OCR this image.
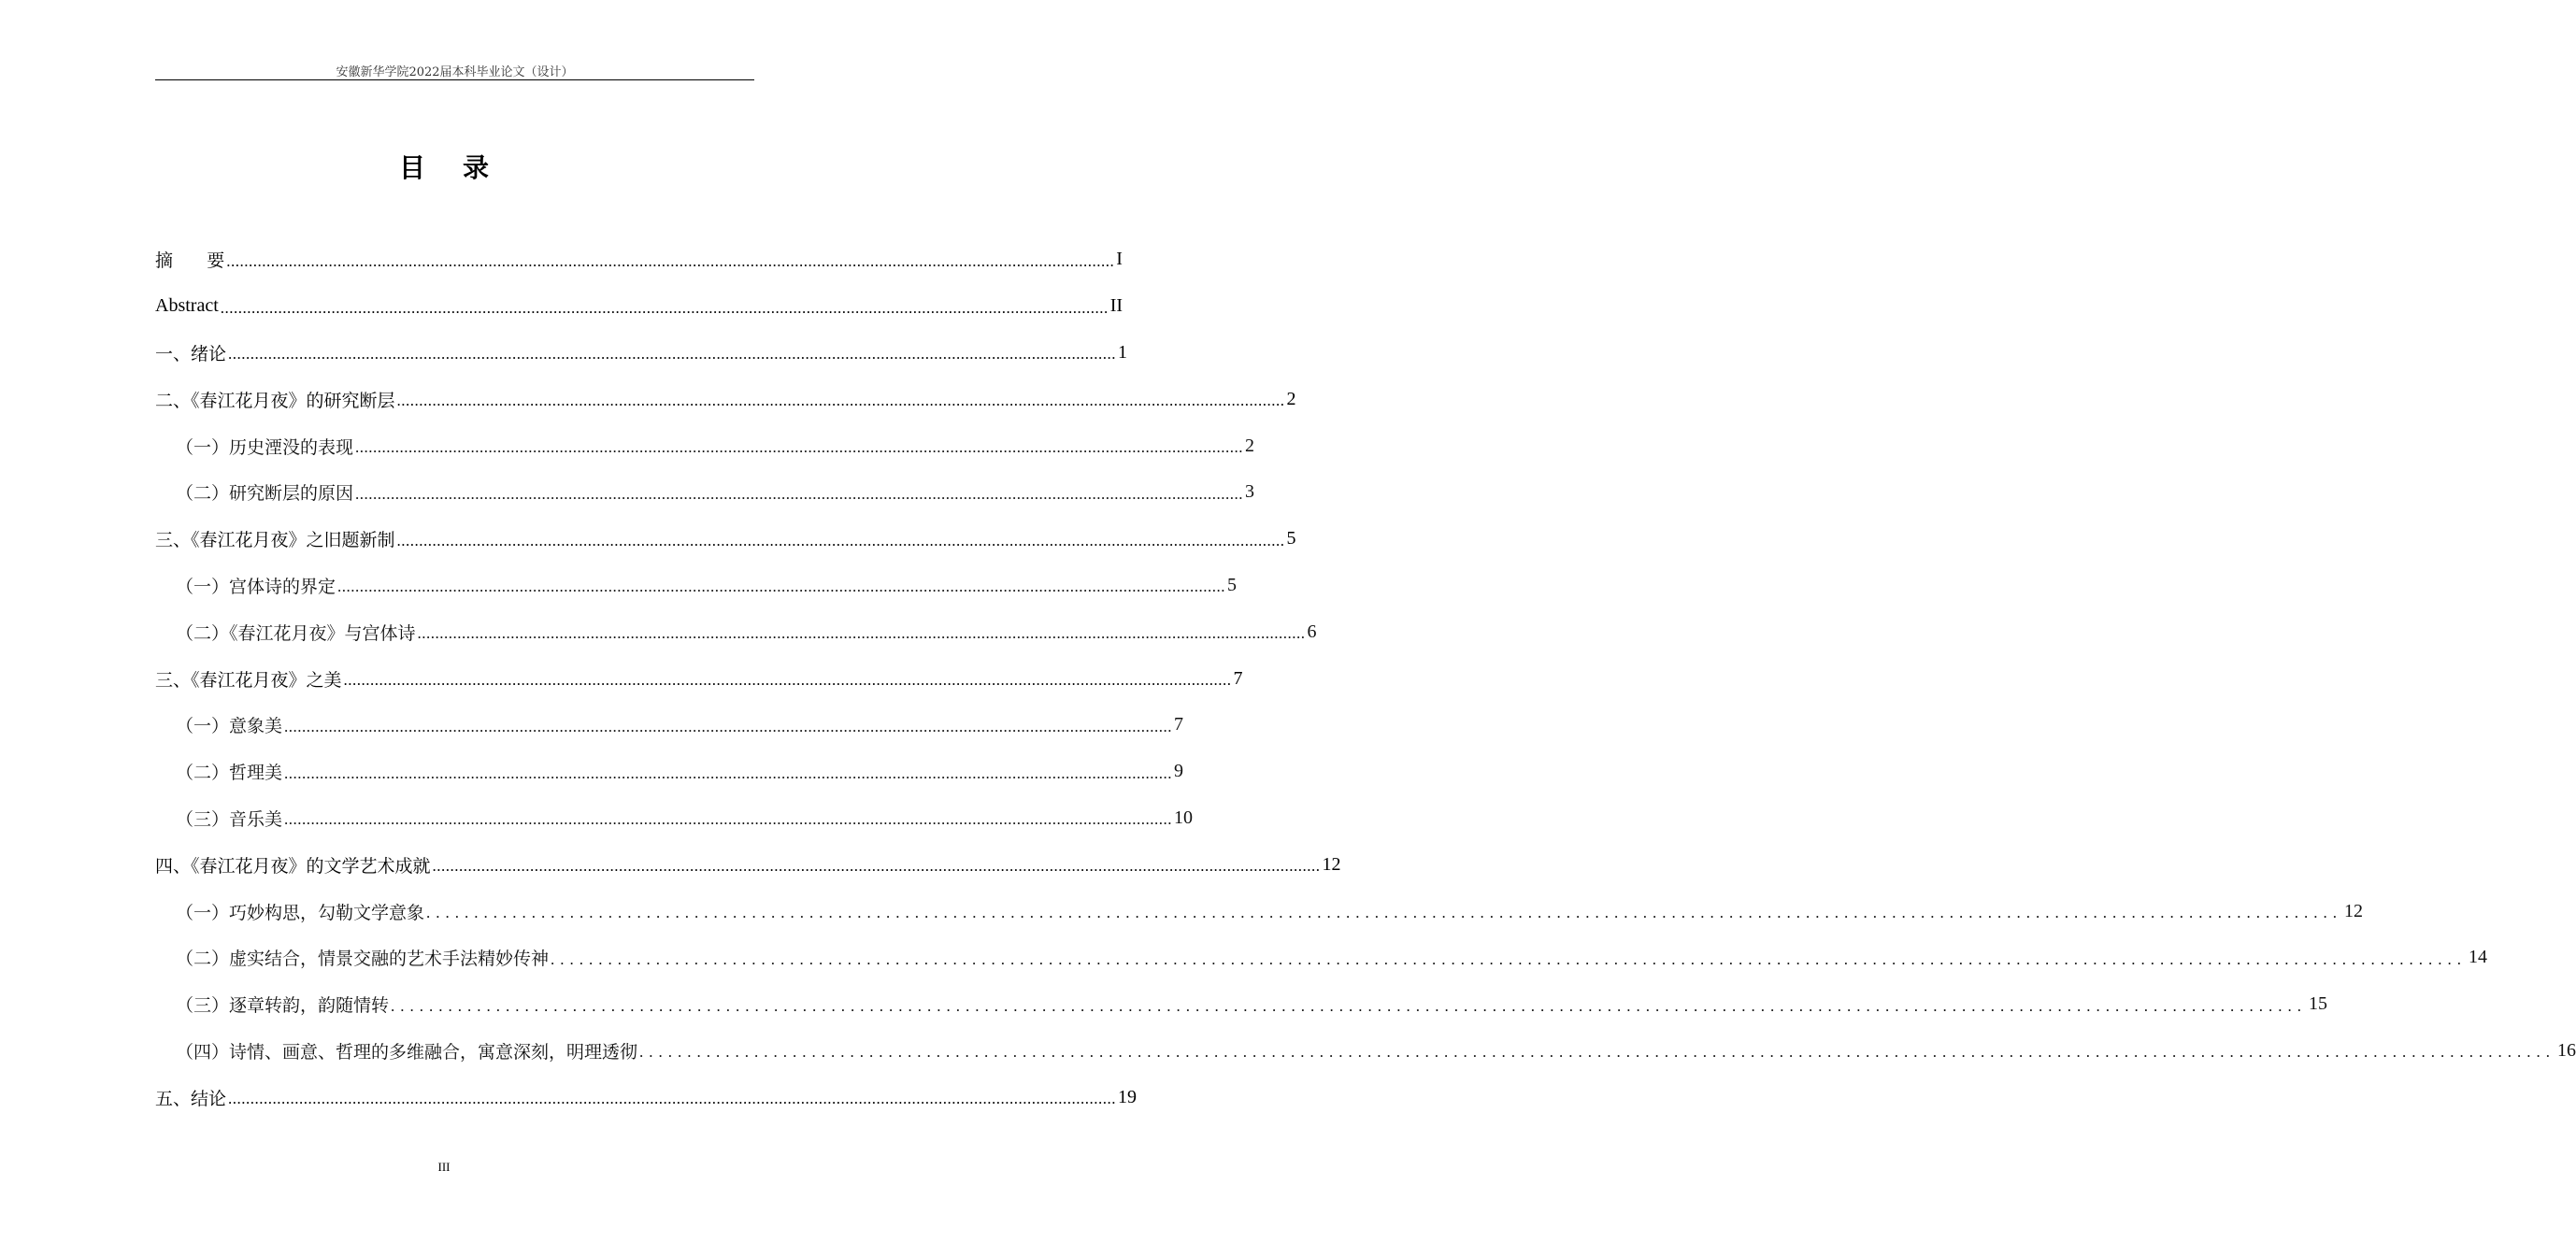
安徽新华学院2022届本科毕业论文（设计）
目录
摘      要 ........................................................................................................................................................................................................ I
Abstract ........................................................................................................................................................................................................ II
一、绪论 ........................................................................................................................................................................................................ 1
二、《春江花月夜》的研究断层 ........................................................................................................................................................................................................ 2
（一）历史湮没的表现 ........................................................................................................................................................................................................ 2
（二）研究断层的原因 ........................................................................................................................................................................................................ 3
三、《春江花月夜》之旧题新制 ........................................................................................................................................................................................................ 5
（一）宫体诗的界定 ........................................................................................................................................................................................................ 5
（二）《春江花月夜》与宫体诗 ........................................................................................................................................................................................................ 6
三、《春江花月夜》之美 ........................................................................................................................................................................................................ 7
（一）意象美 ........................................................................................................................................................................................................ 7
（二）哲理美 ........................................................................................................................................................................................................ 9
（三）音乐美 ........................................................................................................................................................................................................ 10
四、《春江花月夜》的文学艺术成就 ........................................................................................................................................................................................................ 12
（一）巧妙构思，勾勒文学意象 ........................................................................................................................................................................................................ 12
（二）虚实结合，情景交融的艺术手法精妙传神 ........................................................................................................................................................................................................ 14
（三）逐章转韵，韵随情转 ........................................................................................................................................................................................................ 15
（四）诗情、画意、哲理的多维融合，寓意深刻，明理透彻 ........................................................................................................................................................................................................ 16
五、结论 ........................................................................................................................................................................................................ 19
III
